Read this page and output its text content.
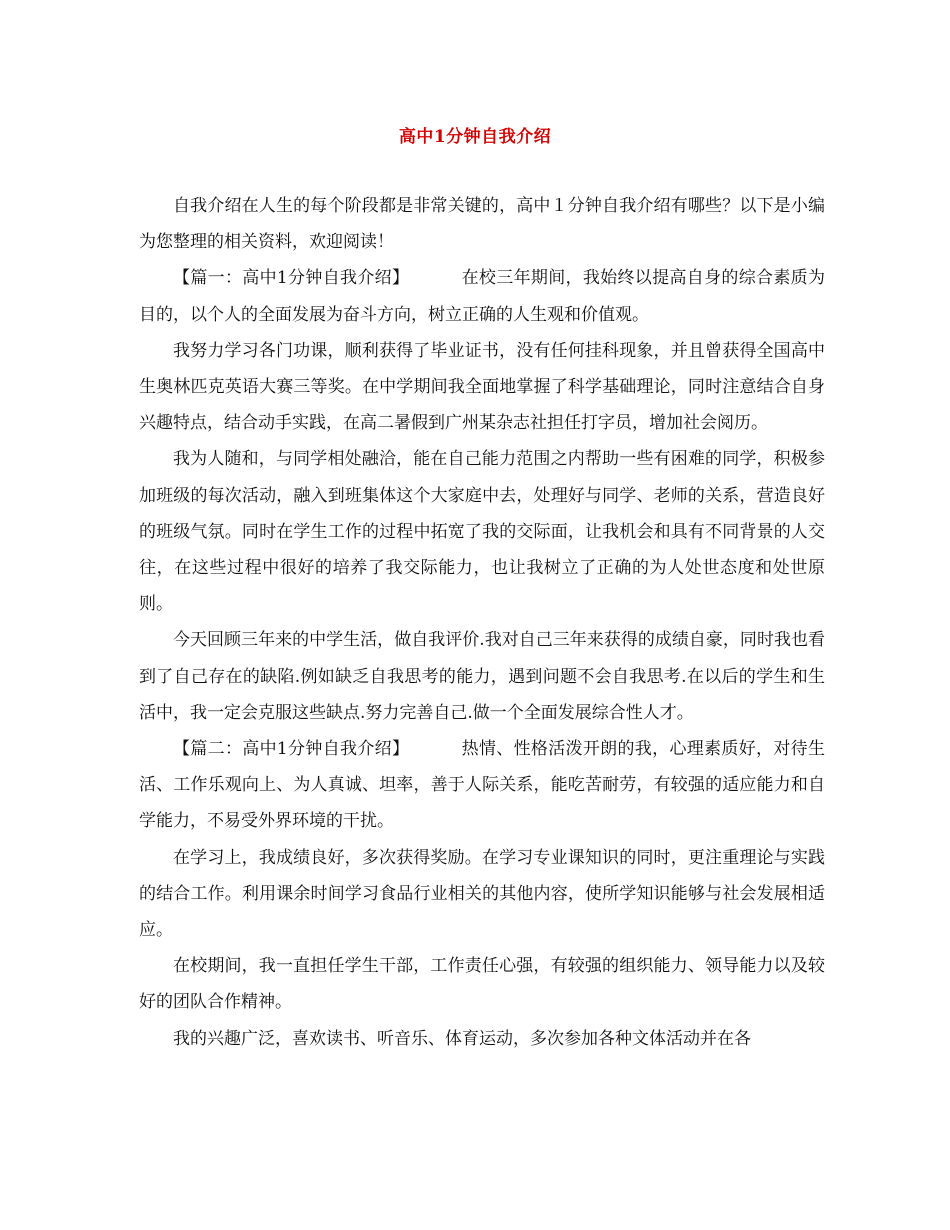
高中1分钟自我介绍

自我介绍在人生的每个阶段都是非常关键的，高中１分钟自我介绍有哪些？以下是小编为您整理的相关资料，欢迎阅读！

【篇一：高中1分钟自我介绍】	在校三年期间，我始终以提高自身的综合素质为目的，以个人的全面发展为奋斗方向，树立正确的人生观和价值观。

我努力学习各门功课，顺利获得了毕业证书，没有任何挂科现象，并且曾获得全国高中生奥林匹克英语大赛三等奖。在中学期间我全面地掌握了科学基础理论，同时注意结合自身兴趣特点，结合动手实践，在高二暑假到广州某杂志社担任打字员，增加社会阅历。

我为人随和，与同学相处融洽，能在自己能力范围之内帮助一些有困难的同学，积极参加班级的每次活动，融入到班集体这个大家庭中去，处理好与同学、老师的关系，营造良好的班级气氛。同时在学生工作的过程中拓宽了我的交际面，让我机会和具有不同背景的人交往，在这些过程中很好的培养了我交际能力，也让我树立了正确的为人处世态度和处世原则。

今天回顾三年来的中学生活，做自我评价.我对自己三年来获得的成绩自豪，同时我也看到了自己存在的缺陷.例如缺乏自我思考的能力，遇到问题不会自我思考.在以后的学生和生活中，我一定会克服这些缺点.努力完善自己.做一个全面发展综合性人才。

【篇二：高中1分钟自我介绍】	热情、性格活泼开朗的我，心理素质好，对待生活、工作乐观向上、为人真诚、坦率，善于人际关系，能吃苦耐劳，有较强的适应能力和自学能力，不易受外界环境的干扰。

在学习上，我成绩良好，多次获得奖励。在学习专业课知识的同时，更注重理论与实践的结合工作。利用课余时间学习食品行业相关的其他内容，使所学知识能够与社会发展相适应。

在校期间，我一直担任学生干部，工作责任心强，有较强的组织能力、领导能力以及较好的团队合作精神。

我的兴趣广泛，喜欢读书、听音乐、体育运动，多次参加各种文体活动并在各
